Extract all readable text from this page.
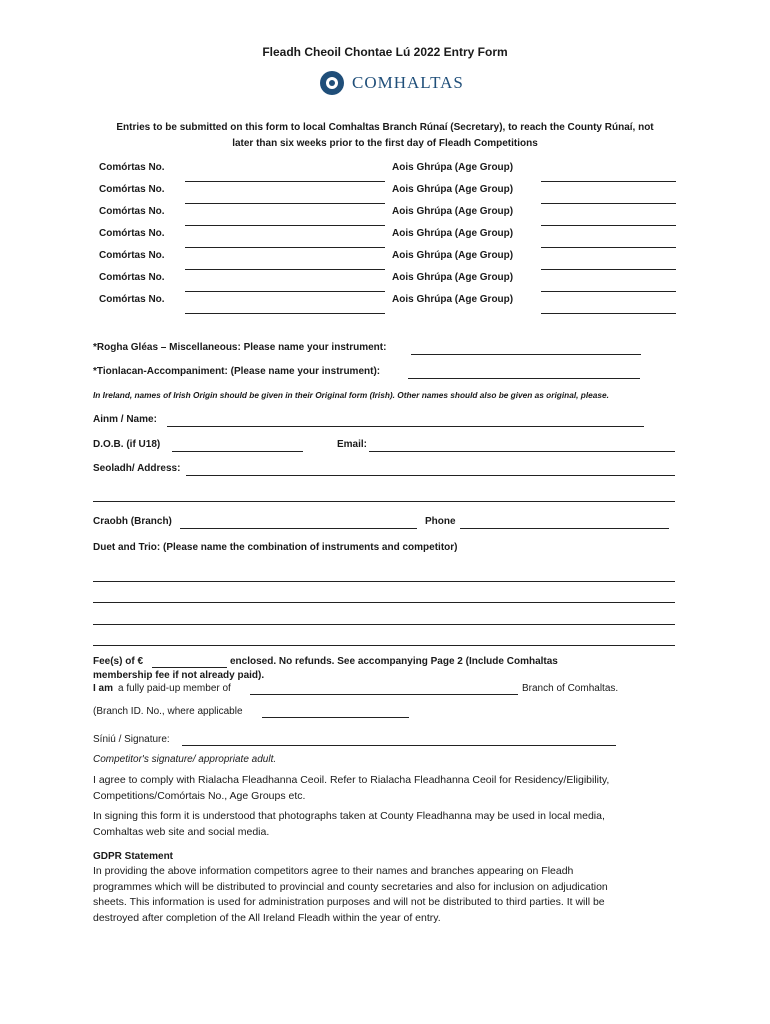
Fleadh Cheoil Chontae Lú 2022 Entry Form
COMHALTAS
Entries to be submitted on this form to local Comhaltas Branch Rúnaí (Secretary), to reach the County Rúnaí, not
later than six weeks prior to the first day of Fleadh Competitions
Comórtas No.	Aois Ghrúpa (Age Group)
Comórtas No.	Aois Ghrúpa (Age Group)
Comórtas No.	Aois Ghrúpa (Age Group)
Comórtas No.	Aois Ghrúpa (Age Group)
Comórtas No.	Aois Ghrúpa (Age Group)
Comórtas No.	Aois Ghrúpa (Age Group)
Comórtas No.	Aois Ghrúpa (Age Group)
*Rogha Gléas – Miscellaneous: Please name your instrument:
*Tionlacan-Accompaniment: (Please name your instrument):
In Ireland, names of Irish Origin should be given in their Original form (Irish). Other names should also be given as original, please.
Ainm / Name:
D.O.B. (if U18)	Email:
Seoladh/ Address:
Craobh (Branch)	Phone
Duet and Trio: (Please name the combination of instruments and competitor)
Fee(s) of €	enclosed. No refunds. See accompanying Page 2 (Include Comhaltas
membership fee if not already paid).
I am a fully paid-up member of	Branch of Comhaltas.
(Branch ID. No., where applicable
Síniú / Signature:
Competitor's signature/ appropriate adult.
I agree to comply with Rialacha Fleadhanna Ceoil. Refer to Rialacha Fleadhanna Ceoil for Residency/Eligibility,
Competitions/Comórtais No., Age Groups etc.
In signing this form it is understood that photographs taken at County Fleadhanna may be used in local media,
Comhaltas web site and social media.
GDPR Statement
In providing the above information competitors agree to their names and branches appearing on Fleadh
programmes which will be distributed to provincial and county secretaries and also for inclusion on adjudication
sheets. This information is used for administration purposes and will not be distributed to third parties. It will be
destroyed after completion of the All Ireland Fleadh within the year of entry.
